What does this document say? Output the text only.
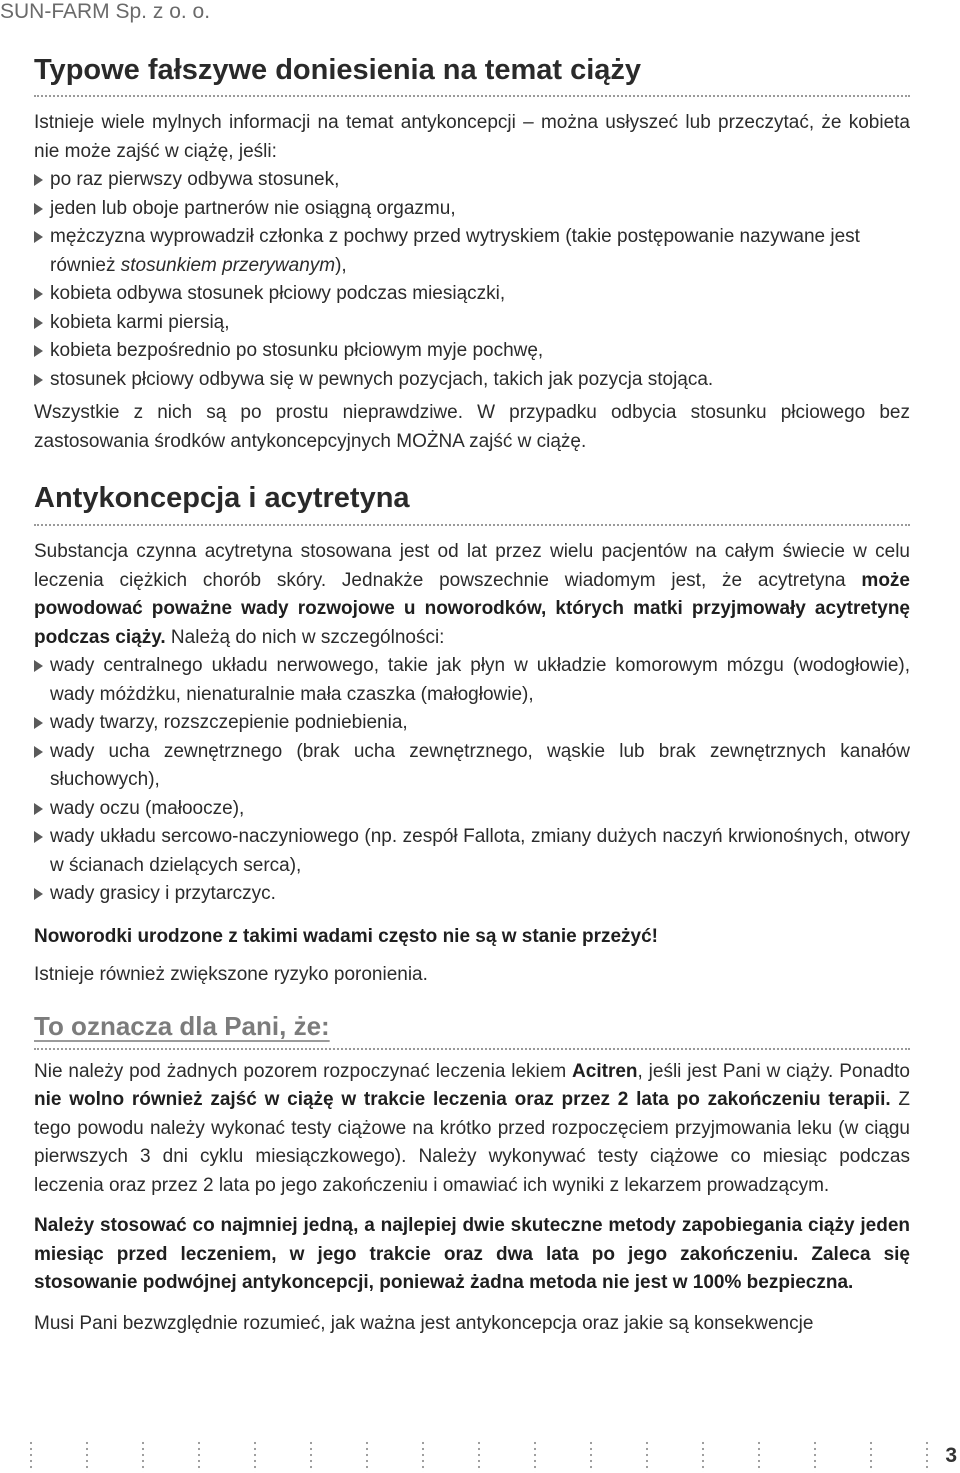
SUN-FARM Sp. z o. o.
Typowe fałszywe doniesienia na temat ciąży

Istnieje wiele mylnych informacji na temat antykoncepcji – można usłyszeć lub przeczytać, że kobieta nie może zajść w ciążę, jeśli:

po raz pierwszy odbywa stosunek,
jeden lub oboje partnerów nie osiągną orgazmu,
mężczyzna wyprowadził członka z pochwy przed wytryskiem (takie postępowanie nazywane jest również stosunkiem przerywanym),
kobieta odbywa stosunek płciowy podczas miesiączki,
kobieta karmi piersią,
kobieta bezpośrednio po stosunku płciowym myje pochwę,
stosunek płciowy odbywa się w pewnych pozycjach, takich jak pozycja stojąca.

Wszystkie z nich są po prostu nieprawdziwe. W przypadku odbycia stosunku płciowego bez zastosowania środków antykoncepcyjnych MOŻNA zajść w ciążę.

Antykoncepcja i acytretyna

Substancja czynna acytretyna stosowana jest od lat przez wielu pacjentów na całym świecie w celu leczenia ciężkich chorób skóry. Jednakże powszechnie wiadomym jest, że acytretyna może powodować poważne wady rozwojowe u noworodków, których matki przyjmowały acytretynę podczas ciąży. Należą do nich w szczególności:

wady centralnego układu nerwowego, takie jak płyn w układzie komorowym mózgu (wodogłowie), wady móżdżku, nienaturalnie mała czaszka (małogłowie),
wady twarzy, rozszczepienie podniebienia,
wady ucha zewnętrznego (brak ucha zewnętrznego, wąskie lub brak zewnętrznych kanałów słuchowych),
wady oczu (małoocze),
wady układu sercowo-naczyniowego (np. zespół Fallota, zmiany dużych naczyń krwionośnych, otwory w ścianach dzielących serca),
wady grasicy i przytarczyc.

Noworodki urodzone z takimi wadami często nie są w stanie przeżyć!

Istnieje również zwiększone ryzyko poronienia.

To oznacza dla Pani, że:

Nie należy pod żadnych pozorem rozpoczynać leczenia lekiem Acitren, jeśli jest Pani w ciąży. Ponadto nie wolno również zajść w ciążę w trakcie leczenia oraz przez 2 lata po zakończeniu terapii. Z tego powodu należy wykonać testy ciążowe na krótko przed rozpoczęciem przyjmowania leku (w ciągu pierwszych 3 dni cyklu miesiączkowego). Należy wykonywać testy ciążowe co miesiąc podczas leczenia oraz przez 2 lata po jego zakończeniu i omawiać ich wyniki z lekarzem prowadzącym.

Należy stosować co najmniej jedną, a najlepiej dwie skuteczne metody zapobiegania ciąży jeden miesiąc przed leczeniem, w jego trakcie oraz dwa lata po jego zakończeniu. Zaleca się stosowanie podwójnej antykoncepcji, ponieważ żadna metoda nie jest w 100% bezpieczna.

Musi Pani bezwzględnie rozumieć, jak ważna jest antykoncepcja oraz jakie są konsekwencje

3
